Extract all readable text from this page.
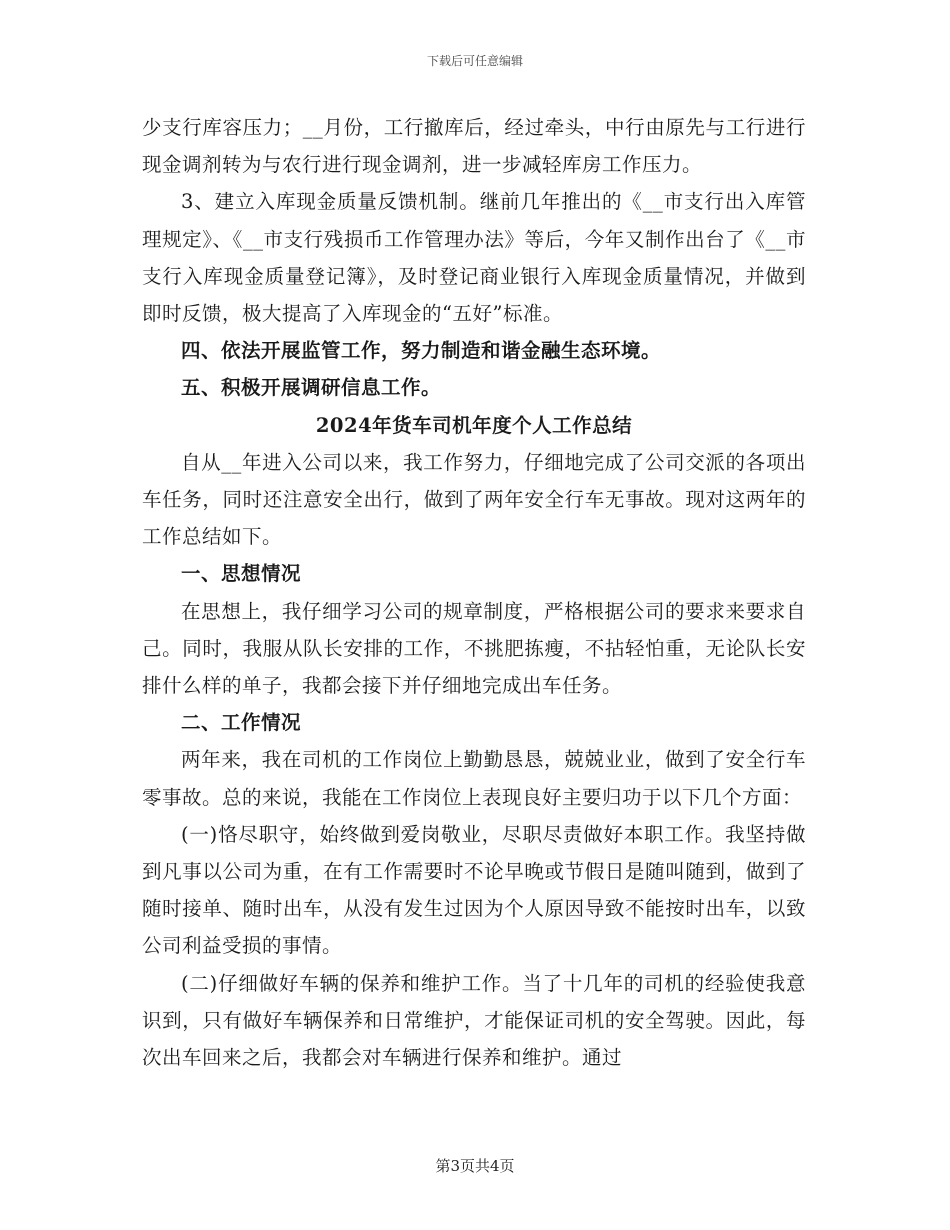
下载后可任意编辑

少支行库容压力；__月份，工行撤库后，经过牵头，中行由原先与工行进行现金调剂转为与农行进行现金调剂，进一步减轻库房工作压力。

3、建立入库现金质量反馈机制。继前几年推出的《__市支行出入库管理规定》、《__市支行残损币工作管理办法》等后，今年又制作出台了《__市支行入库现金质量登记簿》，及时登记商业银行入库现金质量情况，并做到即时反馈，极大提高了入库现金的“五好”标准。

四、依法开展监管工作，努力制造和谐金融生态环境。

五、积极开展调研信息工作。

2024年货车司机年度个人工作总结

自从__年进入公司以来，我工作努力，仔细地完成了公司交派的各项出车任务，同时还注意安全出行，做到了两年安全行车无事故。现对这两年的工作总结如下。

一、思想情况

在思想上，我仔细学习公司的规章制度，严格根据公司的要求来要求自己。同时，我服从队长安排的工作，不挑肥拣瘦，不拈轻怕重，无论队长安排什么样的单子，我都会接下并仔细地完成出车任务。

二、工作情况

两年来，我在司机的工作岗位上勤勤恳恳，兢兢业业，做到了安全行车零事故。总的来说，我能在工作岗位上表现良好主要归功于以下几个方面：

(一)恪尽职守，始终做到爱岗敬业，尽职尽责做好本职工作。我坚持做到凡事以公司为重，在有工作需要时不论早晚或节假日是随叫随到，做到了随时接单、随时出车，从没有发生过因为个人原因导致不能按时出车，以致公司利益受损的事情。

(二)仔细做好车辆的保养和维护工作。当了十几年的司机的经验使我意识到，只有做好车辆保养和日常维护，才能保证司机的安全驾驶。因此，每次出车回来之后，我都会对车辆进行保养和维护。通过

第3页共4页
